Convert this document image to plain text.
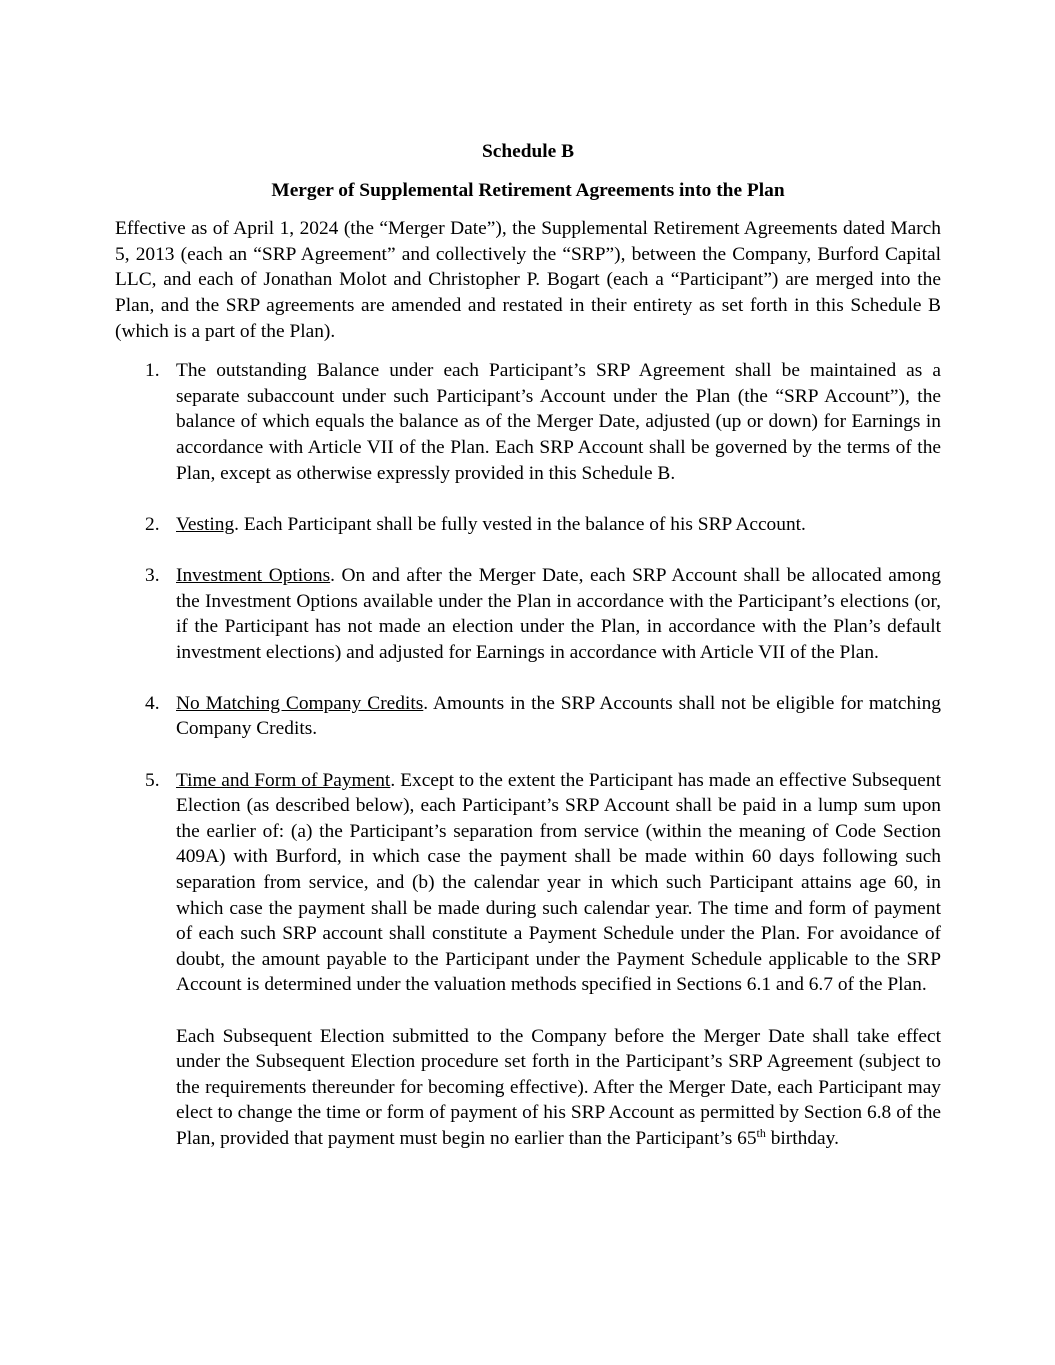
Schedule B

Merger of Supplemental Retirement Agreements into the Plan

Effective as of April 1, 2024 (the “Merger Date”), the Supplemental Retirement Agreements dated March 5, 2013 (each an “SRP Agreement” and collectively the “SRP”), between the Company, Burford Capital LLC, and each of Jonathan Molot and Christopher P. Bogart (each a “Participant”) are merged into the Plan, and the SRP agreements are amended and restated in their entirety as set forth in this Schedule B (which is a part of the Plan).

1. The outstanding Balance under each Participant’s SRP Agreement shall be maintained as a separate subaccount under such Participant’s Account under the Plan (the “SRP Account”), the balance of which equals the balance as of the Merger Date, adjusted (up or down) for Earnings in accordance with Article VII of the Plan. Each SRP Account shall be governed by the terms of the Plan, except as otherwise expressly provided in this Schedule B.

2. Vesting. Each Participant shall be fully vested in the balance of his SRP Account.

3. Investment Options. On and after the Merger Date, each SRP Account shall be allocated among the Investment Options available under the Plan in accordance with the Participant’s elections (or, if the Participant has not made an election under the Plan, in accordance with the Plan’s default investment elections) and adjusted for Earnings in accordance with Article VII of the Plan.

4. No Matching Company Credits. Amounts in the SRP Accounts shall not be eligible for matching Company Credits.

5. Time and Form of Payment. Except to the extent the Participant has made an effective Subsequent Election (as described below), each Participant’s SRP Account shall be paid in a lump sum upon the earlier of: (a) the Participant’s separation from service (within the meaning of Code Section 409A) with Burford, in which case the payment shall be made within 60 days following such separation from service, and (b) the calendar year in which such Participant attains age 60, in which case the payment shall be made during such calendar year. The time and form of payment of each such SRP account shall constitute a Payment Schedule under the Plan. For avoidance of doubt, the amount payable to the Participant under the Payment Schedule applicable to the SRP Account is determined under the valuation methods specified in Sections 6.1 and 6.7 of the Plan.

Each Subsequent Election submitted to the Company before the Merger Date shall take effect under the Subsequent Election procedure set forth in the Participant’s SRP Agreement (subject to the requirements thereunder for becoming effective). After the Merger Date, each Participant may elect to change the time or form of payment of his SRP Account as permitted by Section 6.8 of the Plan, provided that payment must begin no earlier than the Participant’s 65th birthday.
